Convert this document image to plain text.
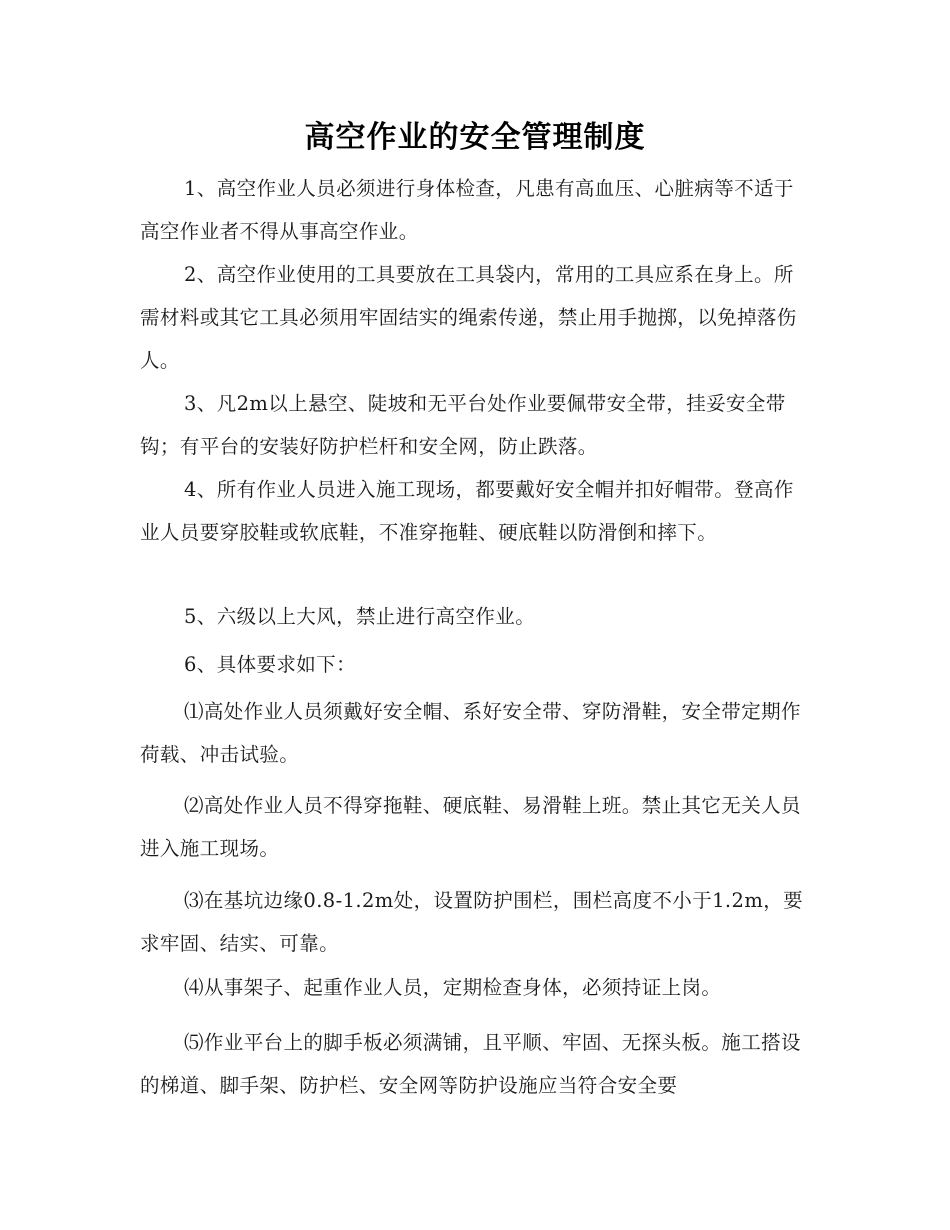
高空作业的安全管理制度

1、高空作业人员必须进行身体检查，凡患有高血压、心脏病等不适于高空作业者不得从事高空作业。

2、高空作业使用的工具要放在工具袋内，常用的工具应系在身上。所需材料或其它工具必须用牢固结实的绳索传递，禁止用手抛掷，以免掉落伤人。

3、凡2m以上悬空、陡坡和无平台处作业要佩带安全带，挂妥安全带钩；有平台的安装好防护栏杆和安全网，防止跌落。

4、所有作业人员进入施工现场，都要戴好安全帽并扣好帽带。登高作业人员要穿胶鞋或软底鞋，不准穿拖鞋、硬底鞋以防滑倒和摔下。

5、六级以上大风，禁止进行高空作业。

6、具体要求如下：

⑴高处作业人员须戴好安全帽、系好安全带、穿防滑鞋，安全带定期作荷载、冲击试验。

⑵高处作业人员不得穿拖鞋、硬底鞋、易滑鞋上班。禁止其它无关人员进入施工现场。

⑶在基坑边缘0.8-1.2m处，设置防护围栏，围栏高度不小于1.2m，要求牢固、结实、可靠。

⑷从事架子、起重作业人员，定期检查身体，必须持证上岗。

⑸作业平台上的脚手板必须满铺，且平顺、牢固、无探头板。施工搭设的梯道、脚手架、防护栏、安全网等防护设施应当符合安全要
